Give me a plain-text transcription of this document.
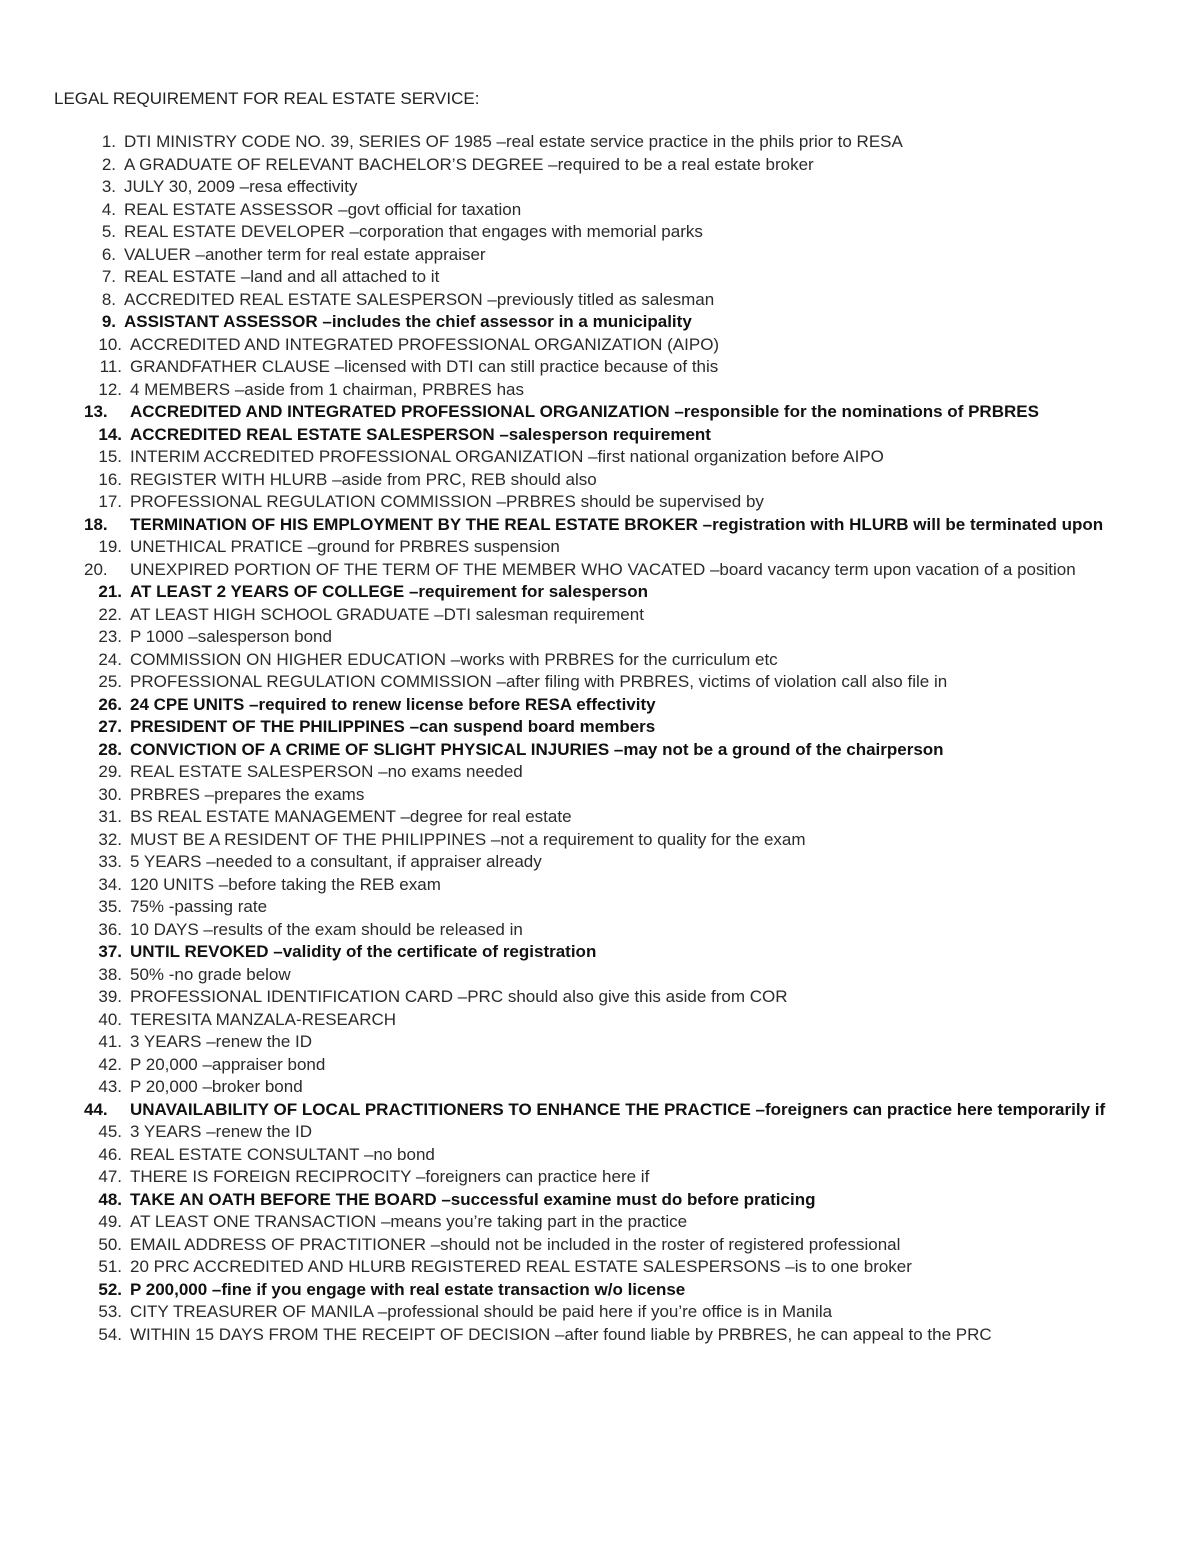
LEGAL REQUIREMENT FOR REAL ESTATE SERVICE:
1. DTI MINISTRY CODE NO. 39, SERIES OF 1985 –real estate service practice in the phils prior to RESA
2. A GRADUATE OF RELEVANT BACHELOR’S DEGREE –required to be a real estate broker
3. JULY 30, 2009 –resa effectivity
4. REAL ESTATE ASSESSOR –govt official for taxation
5. REAL ESTATE DEVELOPER –corporation that engages with memorial parks
6. VALUER –another term for real estate appraiser
7. REAL ESTATE –land and all attached to it
8. ACCREDITED REAL ESTATE SALESPERSON –previously titled as salesman
9. ASSISTANT ASSESSOR –includes the chief assessor in a municipality
10. ACCREDITED AND INTEGRATED PROFESSIONAL ORGANIZATION (AIPO)
11. GRANDFATHER CLAUSE –licensed with DTI can still practice because of this
12. 4 MEMBERS –aside from 1 chairman, PRBRES has
13.	ACCREDITED AND INTEGRATED PROFESSIONAL ORGANIZATION –responsible for the nominations of PRBRES
14. ACCREDITED REAL ESTATE SALESPERSON –salesperson requirement
15. INTERIM ACCREDITED PROFESSIONAL ORGANIZATION –first national organization before AIPO
16. REGISTER WITH HLURB –aside from PRC, REB should also
17. PROFESSIONAL REGULATION COMMISSION –PRBRES should be supervised by
18.	TERMINATION OF HIS EMPLOYMENT BY THE REAL ESTATE BROKER –registration with HLURB will be terminated upon
19. UNETHICAL PRATICE –ground for PRBRES suspension
20.	UNEXPIRED PORTION OF THE TERM OF THE MEMBER WHO VACATED –board vacancy term upon vacation of a position
21. AT LEAST 2 YEARS OF COLLEGE –requirement for salesperson
22. AT LEAST HIGH SCHOOL GRADUATE –DTI salesman requirement
23. P 1000 –salesperson bond
24. COMMISSION ON HIGHER EDUCATION –works with PRBRES for the curriculum etc
25. PROFESSIONAL REGULATION COMMISSION –after filing with PRBRES, victims of violation call also file in
26. 24 CPE UNITS –required to renew license before RESA effectivity
27. PRESIDENT OF THE PHILIPPINES –can suspend board members
28. CONVICTION OF A CRIME OF SLIGHT PHYSICAL INJURIES –may not be a ground of the chairperson
29. REAL ESTATE SALESPERSON –no exams needed
30. PRBRES –prepares the exams
31. BS REAL ESTATE MANAGEMENT –degree for real estate
32. MUST BE A RESIDENT OF THE PHILIPPINES –not a requirement to quality for the exam
33. 5 YEARS –needed to a consultant, if appraiser already
34. 120 UNITS –before taking the REB exam
35. 75% -passing rate
36. 10 DAYS –results of the exam should be released in
37. UNTIL REVOKED –validity of the certificate of registration
38. 50% -no grade below
39. PROFESSIONAL IDENTIFICATION CARD –PRC should also give this aside from COR
40. TERESITA MANZALA-RESEARCH
41. 3 YEARS –renew the ID
42. P 20,000 –appraiser bond
43. P 20,000 –broker bond
44.	UNAVAILABILITY OF LOCAL PRACTITIONERS TO ENHANCE THE PRACTICE –foreigners can practice here temporarily if
45. 3 YEARS –renew the ID
46. REAL ESTATE CONSULTANT –no bond
47. THERE IS FOREIGN RECIPROCITY –foreigners can practice here if
48. TAKE AN OATH BEFORE THE BOARD –successful examine must do before praticing
49. AT LEAST ONE TRANSACTION –means you’re taking part in the practice
50. EMAIL ADDRESS OF PRACTITIONER –should not be included in the roster of registered professional
51. 20 PRC ACCREDITED AND HLURB REGISTERED REAL ESTATE SALESPERSONS –is to one broker
52. P 200,000 –fine if you engage with real estate transaction w/o license
53. CITY TREASURER OF MANILA –professional should be paid here if you’re office is in Manila
54. WITHIN 15 DAYS FROM THE RECEIPT OF DECISION –after found liable by PRBRES, he can appeal to the PRC
